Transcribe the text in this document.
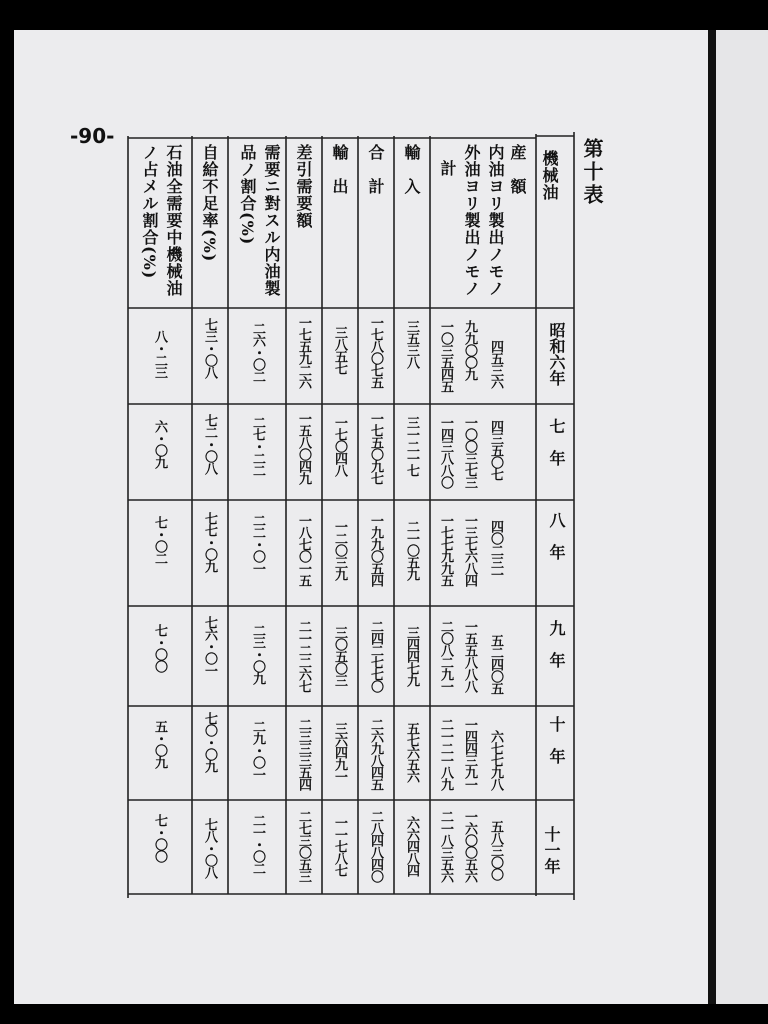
-90-
第十表
機械油
産　額
内油ヨリ製出ノモノ
外油ヨリ製出ノモノ
計
輸　入
合　計
輸　出
差引需要額
需要ニ對スル内油製
品ノ割合(%)
自給不足率(%)
石油全需要中機械油
ノ占メル割合(%)
昭和六年
四五三六
九九〇〇九
一〇三五四五
三五三八
一七八〇七五
三八五七
一七五九二六
二六・〇二
七三・〇八
八・二三
七　年
四三五〇七
一〇〇三七三
一四三八八〇
三一二一七
一七五〇九七
一七〇四八
一五八〇四九
二七・二二
七二・〇八
六・〇九
八　年
四〇二三一
一三七六八四
一七七九九五
二一〇五九
一九九〇五四
一二〇三九
一八七〇一五
二二・〇一
七七・〇九
七・〇二
九　年
五二四〇五
一五五八八八
二〇八二九一
三四四七九
二四二七七〇
三〇五〇三
二一二二六七
二三・〇九
七六・〇一
七・〇〇
十　年
六七七九八
一四四三九一
二一二一八九
五七六五六
二六九八四五
三六四九一
二三三三五四
二九・〇一
七〇・〇九
五・〇九
十一年
五八三〇〇
一六〇〇五六
二一八三五六
六六四八四
二八四八四〇
一一七八七
二七三〇五三
二一・〇二
七八・〇八
七・〇〇
